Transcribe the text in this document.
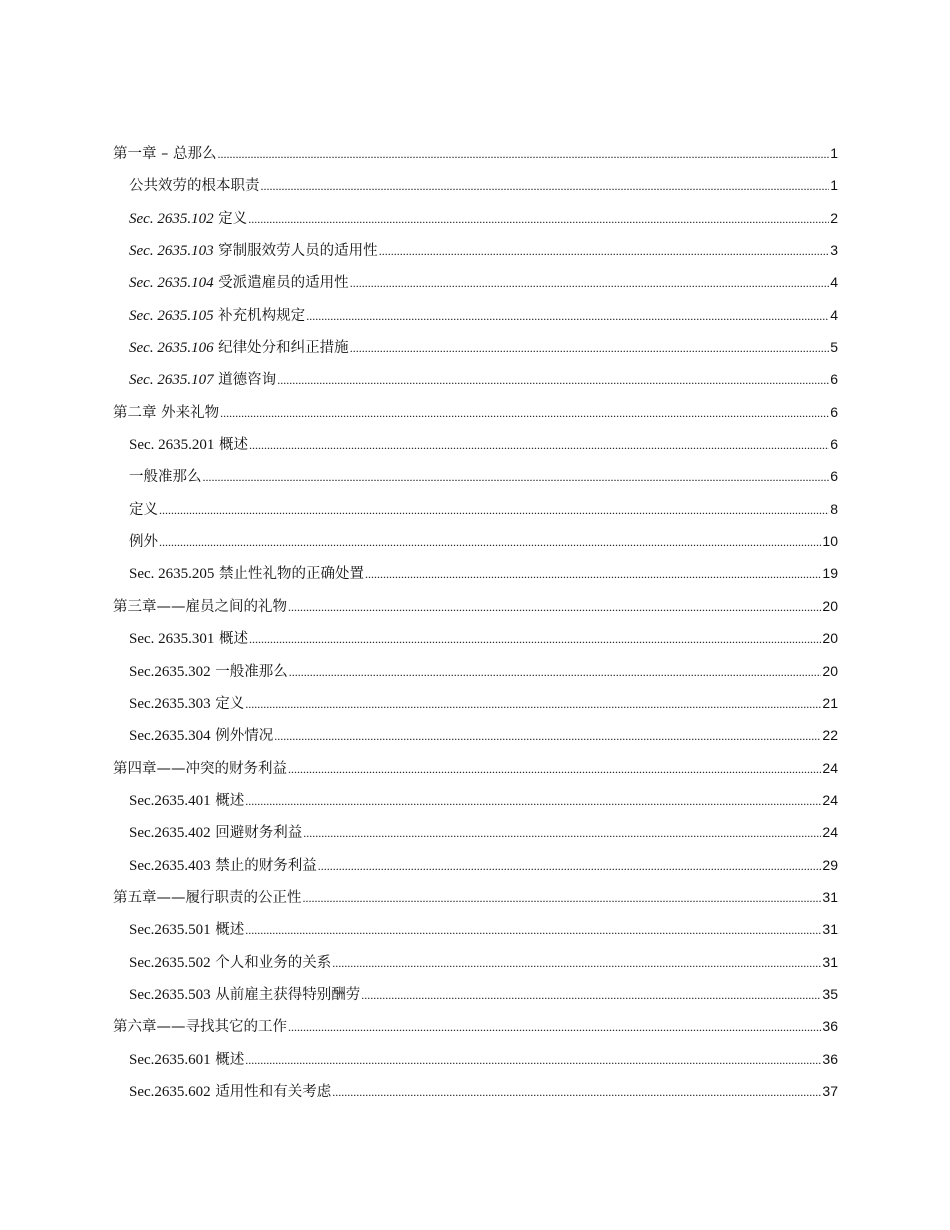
第一章 – 总那么 .....	1
公共效劳的根本职责 .....	1
Sec. 2635.102 定义 .....	2
Sec. 2635.103 穿制服效劳人员的适用性 .....	3
Sec. 2635.104 受派遣雇员的适用性 .....	4
Sec. 2635.105 补充机构规定 .....	4
Sec. 2635.106 纪律处分和纠正措施 .....	5
Sec. 2635.107 道德咨询 .....	6
第二章 外来礼物 .....	6
Sec. 2635.201 概述 .....	6
一般准那么 .....	6
定义 .....	8
例外 .....	10
Sec. 2635.205 禁止性礼物的正确处置 .....	19
第三章——雇员之间的礼物 .....	20
Sec. 2635.301 概述 .....	20
Sec.2635.302 一般准那么 .....	20
Sec.2635.303 定义 .....	21
Sec.2635.304 例外情况 .....	22
第四章——冲突的财务利益 .....	24
Sec.2635.401 概述 .....	24
Sec.2635.402 回避财务利益 .....	24
Sec.2635.403 禁止的财务利益 .....	29
第五章——履行职责的公正性 .....	31
Sec.2635.501 概述 .....	31
Sec.2635.502 个人和业务的关系 .....	31
Sec.2635.503 从前雇主获得特别酬劳 .....	35
第六章——寻找其它的工作 .....	36
Sec.2635.601 概述 .....	36
Sec.2635.602 适用性和有关考虑 .....	37
